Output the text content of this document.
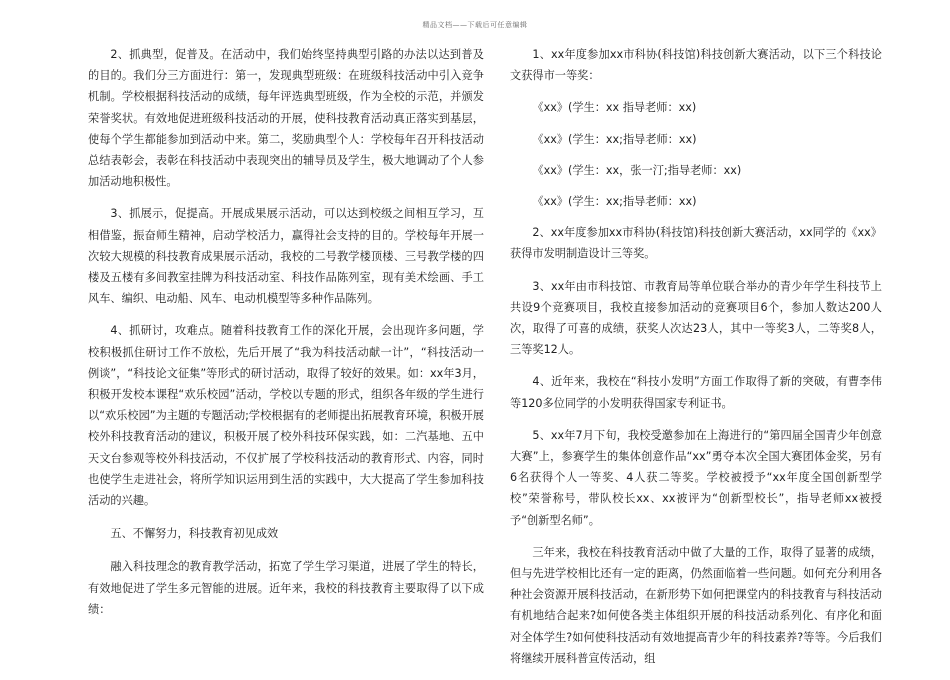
精品文档——下载后可任意编辑

2、抓典型，促普及。在活动中，我们始终坚持典型引路的办法以达到普及的目的。我们分三方面进行：第一，发现典型班级：在班级科技活动中引入竞争机制。学校根据科技活动的成绩，每年评选典型班级，作为全校的示范，并颁发荣誉奖状。有效地促进班级科技活动的开展，使科技教育活动真正落实到基层，使每个学生都能参加到活动中来。第二，奖励典型个人：学校每年召开科技活动总结表彰会，表彰在科技活动中表现突出的辅导员及学生，极大地调动了个人参加活动地积极性。

3、抓展示，促提高。开展成果展示活动，可以达到校级之间相互学习，互相借鉴，振奋师生精神，启动学校活力，赢得社会支持的目的。学校每年开展一次较大规模的科技教育成果展示活动，我校的二号教学楼顶楼、三号教学楼的四楼及五楼有多间教室挂牌为科技活动室、科技作品陈列室，现有美术绘画、手工风车、编织、电动船、风车、电动机模型等多种作品陈列。

4、抓研讨，攻难点。随着科技教育工作的深化开展，会出现许多问题，学校积极抓住研讨工作不放松，先后开展了“我为科技活动献一计”，“科技活动一例谈”，“科技论文征集”等形式的研讨活动，取得了较好的效果。如：xx年3月，积极开发校本课程“欢乐校园”活动，学校以专题的形式，组织各年级的学生进行以“欢乐校园”为主题的专题活动;学校根据有的老师提出拓展教育环境，积极开展校外科技教育活动的建议，积极开展了校外科技环保实践，如：二汽基地、五中天文台参观等校外科技活动，不仅扩展了学校科技活动的教育形式、内容，同时也使学生走进社会，将所学知识运用到生活的实践中，大大提高了学生参加科技活动的兴趣。

五、不懈努力，科技教育初见成效

融入科技理念的教育教学活动，拓宽了学生学习渠道，进展了学生的特长，有效地促进了学生多元智能的进展。近年来，我校的科技教育主要取得了以下成绩：

1、xx年度参加xx市科协(科技馆)科技创新大赛活动，以下三个科技论文获得市一等奖：

《xx》(学生：xx 指导老师：xx)

《xx》(学生：xx;指导老师：xx)

《xx》(学生：xx，张一汀;指导老师：xx)

《xx》(学生：xx;指导老师：xx)

2、xx年度参加xx市科协(科技馆)科技创新大赛活动，xx同学的《xx》获得市发明制造设计三等奖。

3、xx年由市科技馆、市教育局等单位联合举办的青少年学生科技节上共设9个竞赛项目，我校直接参加活动的竞赛项目6个，参加人数达200人次，取得了可喜的成绩，获奖人次达23人，其中一等奖3人，二等奖8人，三等奖12人。

4、近年来，我校在“科技小发明”方面工作取得了新的突破，有曹李伟等120多位同学的小发明获得国家专利证书。

5、xx年7月下旬，我校受邀参加在上海进行的“第四届全国青少年创意大赛”上，参赛学生的集体创意作品“xx”勇夺本次全国大赛团体金奖，另有6名获得个人一等奖、4人获二等奖。学校被授予“xx年度全国创新型学校”荣誉称号，带队校长xx、xx被评为“创新型校长”，指导老师xx被授予“创新型名师”。

三年来，我校在科技教育活动中做了大量的工作，取得了显著的成绩，但与先进学校相比还有一定的距离，仍然面临着一些问题。如何充分利用各种社会资源开展科技活动，在新形势下如何把课堂内的科技教育与科技活动有机地结合起来?如何使各类主体组织开展的科技活动系列化、有序化和面对全体学生?如何使科技活动有效地提高青少年的科技素养?等等。今后我们将继续开展科普宣传活动，组
